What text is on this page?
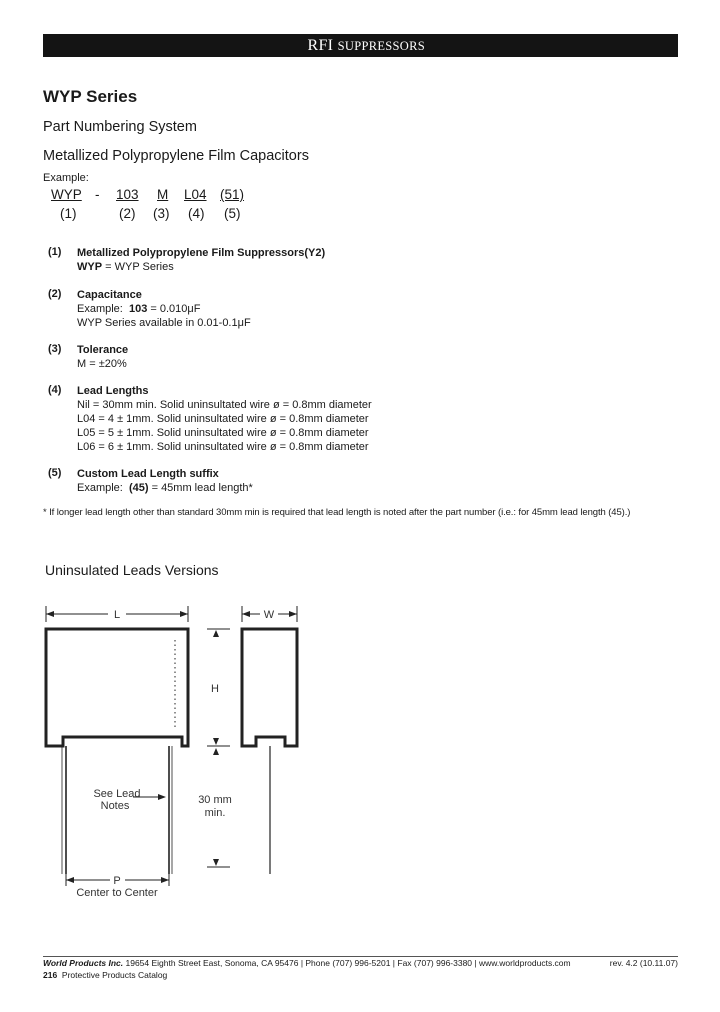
RFI SUPPRESSORS
WYP Series
Part Numbering System
Metallized Polypropylene Film Capacitors
Example:
WYP - 103 M L04 (51)
(1)	(2) (3) (4) (5)
(1) Metallized Polypropylene Film Suppressors(Y2)
WYP = WYP Series
(2) Capacitance
Example:  103 = 0.010μF
WYP Series available in 0.01-0.1μF
(3) Tolerance
M = ±20%
(4) Lead Lengths
Nil = 30mm min. Solid uninsultated wire ø = 0.8mm diameter
L04 = 4 ± 1mm. Solid uninsultated wire ø = 0.8mm diameter
L05 = 5 ± 1mm. Solid uninsultated wire ø = 0.8mm diameter
L06 = 6 ± 1mm. Solid uninsultated wire ø = 0.8mm diameter
(5) Custom Lead Length suffix
Example:  (45) = 45mm lead length*
* If longer lead length other than standard 30mm min is required that lead length is noted after the part number (i.e.: for 45mm lead length (45).)
Uninsulated Leads Versions
L	W
H
P
Center to Center
See Lead
Notes	30 mm
min.
World Products Inc. 19654 Eighth Street East, Sonoma, CA 95476 | Phone (707) 996-5201 | Fax (707) 996-3380 | www.worldproducts.com	rev. 4.2 (10.11.07)
216 Protective Products Catalog
